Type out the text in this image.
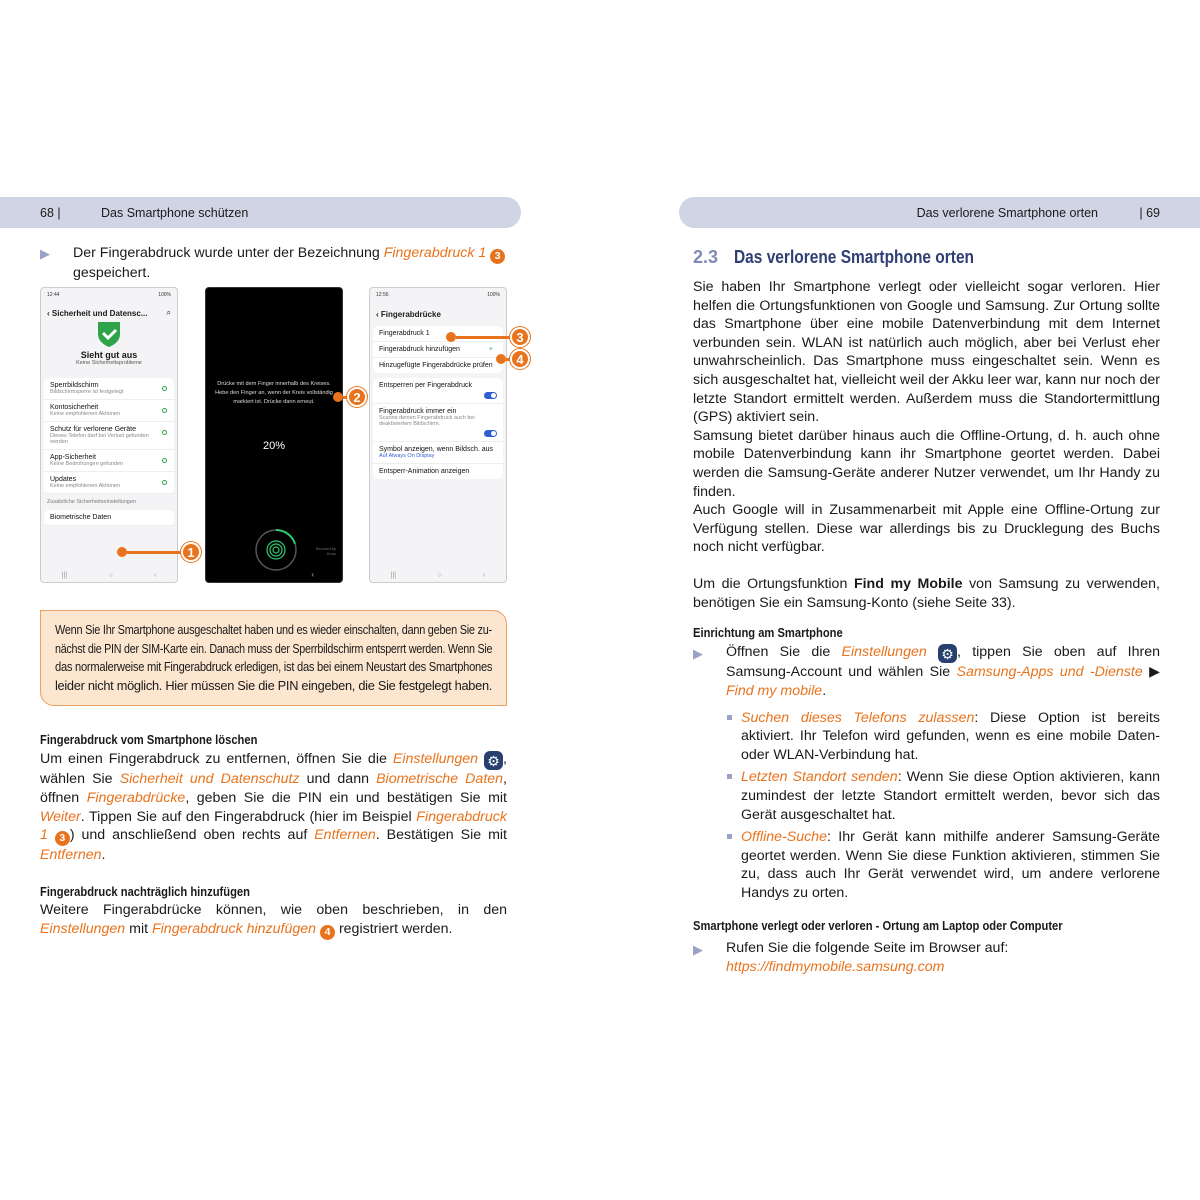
68 |	Das Smartphone schützen	Das verlorene Smartphone orten	| 69
▶ Der Fingerabdruck wurde unter der Bezeichnung Fingerabdruck 1 3 gespeichert.
12:44	100%
‹ Sicherheit und Datensc... ⌕
Sieht gut aus
Keine Sicherheitsprobleme
Sperrbildschirm
Bildschirmsperre ist festgelegt
Kontosicherheit
Keine empfohlenen Aktionen
Schutz für verlorene Geräte
Dieses Telefon darf bei Verlust gefunden werden
App-Sicherheit
Keine Bedrohungen gefunden
Updates
Keine empfohlenen Aktionen
Zusätzliche Sicherheitseinstellungen
Biometrische Daten
|||	○	‹
Drücke mit dem Finger innerhalb des Kreises. Hebe den Finger an, wenn der Kreis vollständig markiert ist. Drücke dann erneut.
20%
Secured by Knox
‹
12:56	100%
‹ Fingerabdrücke
Fingerabdruck 1
Fingerabdruck hinzufügen	+
Hinzugefügte Fingerabdrücke prüfen
Entsperren per Fingerabdruck
Fingerabdruck immer ein
Scanne deinen Fingerabdruck auch bei deaktiviertem Bildschirm.
Symbol anzeigen, wenn Bildsch. aus
Auf Always On Display
Entsperr-Animation anzeigen
|||	○	‹
1
2
3
4
Wenn Sie Ihr Smartphone ausgeschaltet haben und es wieder einschalten, dann geben Sie zu-
nächst die PIN der SIM-Karte ein. Danach muss der Sperrbildschirm entsperrt werden. Wenn Sie
das normalerweise mit Fingerabdruck erledigen, ist das bei einem Neustart des Smartphones
leider nicht möglich. Hier müssen Sie die PIN eingeben, die Sie festgelegt haben.
Fingerabdruck vom Smartphone löschen
Um einen Fingerabdruck zu entfernen, öffnen Sie die Einstellungen ⚙ , wählen Sie Sicherheit und Datenschutz und dann Biometrische Daten, öffnen Fingerabdrücke, geben Sie die PIN ein und bestätigen Sie mit Weiter. Tippen Sie auf den Fingerabdruck (hier im Beispiel Fingerabdruck 1 3 ) und anschließend oben rechts auf Entfernen. Bestätigen Sie mit Entfernen.
Fingerabdruck nachträglich hinzufügen
Weitere Fingerabdrücke können, wie oben beschrieben, in den Einstellungen mit Fingerabdruck hinzufügen 4 registriert werden.
2.3 Das verlorene Smartphone orten
Sie haben Ihr Smartphone verlegt oder vielleicht sogar verloren. Hier helfen die Ortungsfunktionen von Google und Samsung. Zur Ortung sollte das Smartphone über eine mobile Datenverbindung mit dem Internet verbunden sein. WLAN ist natürlich auch möglich, aber bei Verlust eher unwahrscheinlich. Das Smartphone muss eingeschaltet sein. Wenn es sich ausgeschaltet hat, vielleicht weil der Akku leer war, kann nur noch der letzte Standort ermittelt werden. Außerdem muss die Standortermittlung (GPS) aktiviert sein.
Samsung bietet darüber hinaus auch die Offline-Ortung, d. h. auch ohne mobile Datenverbindung kann ihr Smartphone geortet werden. Dabei werden die Samsung-Geräte anderer Nutzer verwendet, um Ihr Handy zu finden.
Auch Google will in Zusammenarbeit mit Apple eine Offline-Ortung zur Verfügung stellen. Diese war allerdings bis zu Drucklegung des Buchs noch nicht verfügbar.
Um die Ortungsfunktion Find my Mobile von Samsung zu verwenden, benötigen Sie ein Samsung-Konto (siehe Seite 33).
Einrichtung am Smartphone
▶ Öffnen Sie die Einstellungen ⚙ , tippen Sie oben auf Ihren Samsung-Account und wählen Sie Samsung-Apps und -Dienste ▶ Find my mobile.
Suchen dieses Telefons zulassen: Diese Option ist bereits aktiviert. Ihr Telefon wird gefunden, wenn es eine mobile Daten- oder WLAN-Verbindung hat.
Letzten Standort senden: Wenn Sie diese Option aktivieren, kann zumindest der letzte Standort ermittelt werden, bevor sich das Gerät ausgeschaltet hat.
Offline-Suche: Ihr Gerät kann mithilfe anderer Samsung-Geräte geortet werden. Wenn Sie diese Funktion aktivieren, stimmen Sie zu, dass auch Ihr Gerät verwendet wird, um andere verlorene Handys zu orten.
Smartphone verlegt oder verloren - Ortung am Laptop oder Computer
▶ Rufen Sie die folgende Seite im Browser auf:
https://findmymobile.samsung.com
